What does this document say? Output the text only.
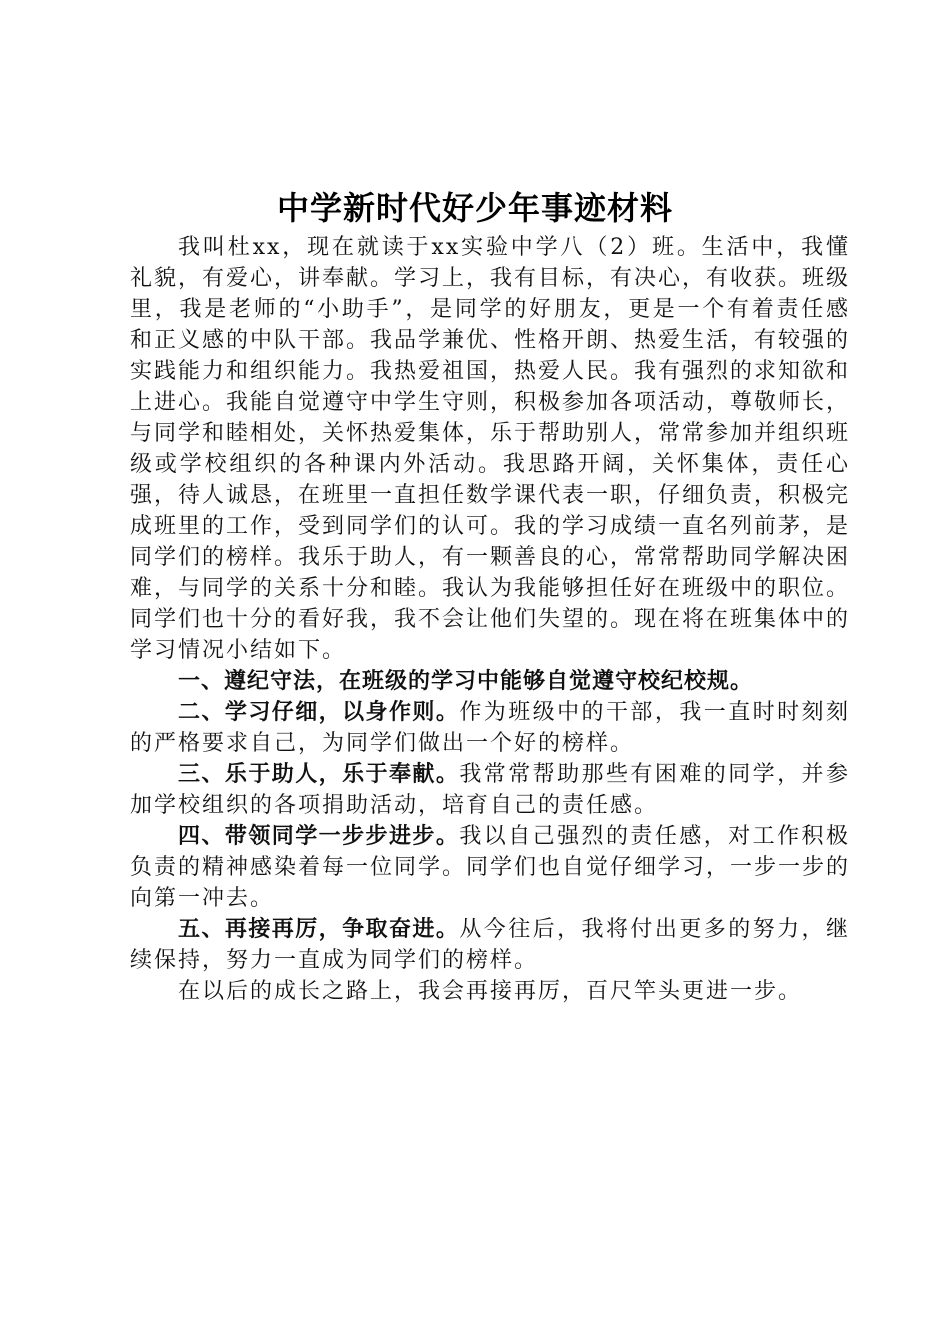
中学新时代好少年事迹材料

我叫杜xx，现在就读于xx实验中学八（2）班。生活中，我懂礼貌，有爱心，讲奉献。学习上，我有目标，有决心，有收获。班级里，我是老师的“小助手”，是同学的好朋友，更是一个有着责任感和正义感的中队干部。我品学兼优、性格开朗、热爱生活，有较强的实践能力和组织能力。我热爱祖国，热爱人民。我有强烈的求知欲和上进心。我能自觉遵守中学生守则，积极参加各项活动，尊敬师长，与同学和睦相处，关怀热爱集体，乐于帮助别人，常常参加并组织班级或学校组织的各种课内外活动。我思路开阔，关怀集体，责任心强，待人诚恳，在班里一直担任数学课代表一职，仔细负责，积极完成班里的工作，受到同学们的认可。我的学习成绩一直名列前茅，是同学们的榜样。我乐于助人，有一颗善良的心，常常帮助同学解决困难，与同学的关系十分和睦。我认为我能够担任好在班级中的职位。同学们也十分的看好我，我不会让他们失望的。现在将在班集体中的学习情况小结如下。

一、遵纪守法，在班级的学习中能够自觉遵守校纪校规。

二、学习仔细，以身作则。作为班级中的干部，我一直时时刻刻的严格要求自己，为同学们做出一个好的榜样。

三、乐于助人，乐于奉献。我常常帮助那些有困难的同学，并参加学校组织的各项捐助活动，培育自己的责任感。

四、带领同学一步步进步。我以自己强烈的责任感，对工作积极负责的精神感染着每一位同学。同学们也自觉仔细学习，一步一步的向第一冲去。

五、再接再厉，争取奋进。从今往后，我将付出更多的努力，继续保持，努力一直成为同学们的榜样。

在以后的成长之路上，我会再接再厉，百尺竿头更进一步。
